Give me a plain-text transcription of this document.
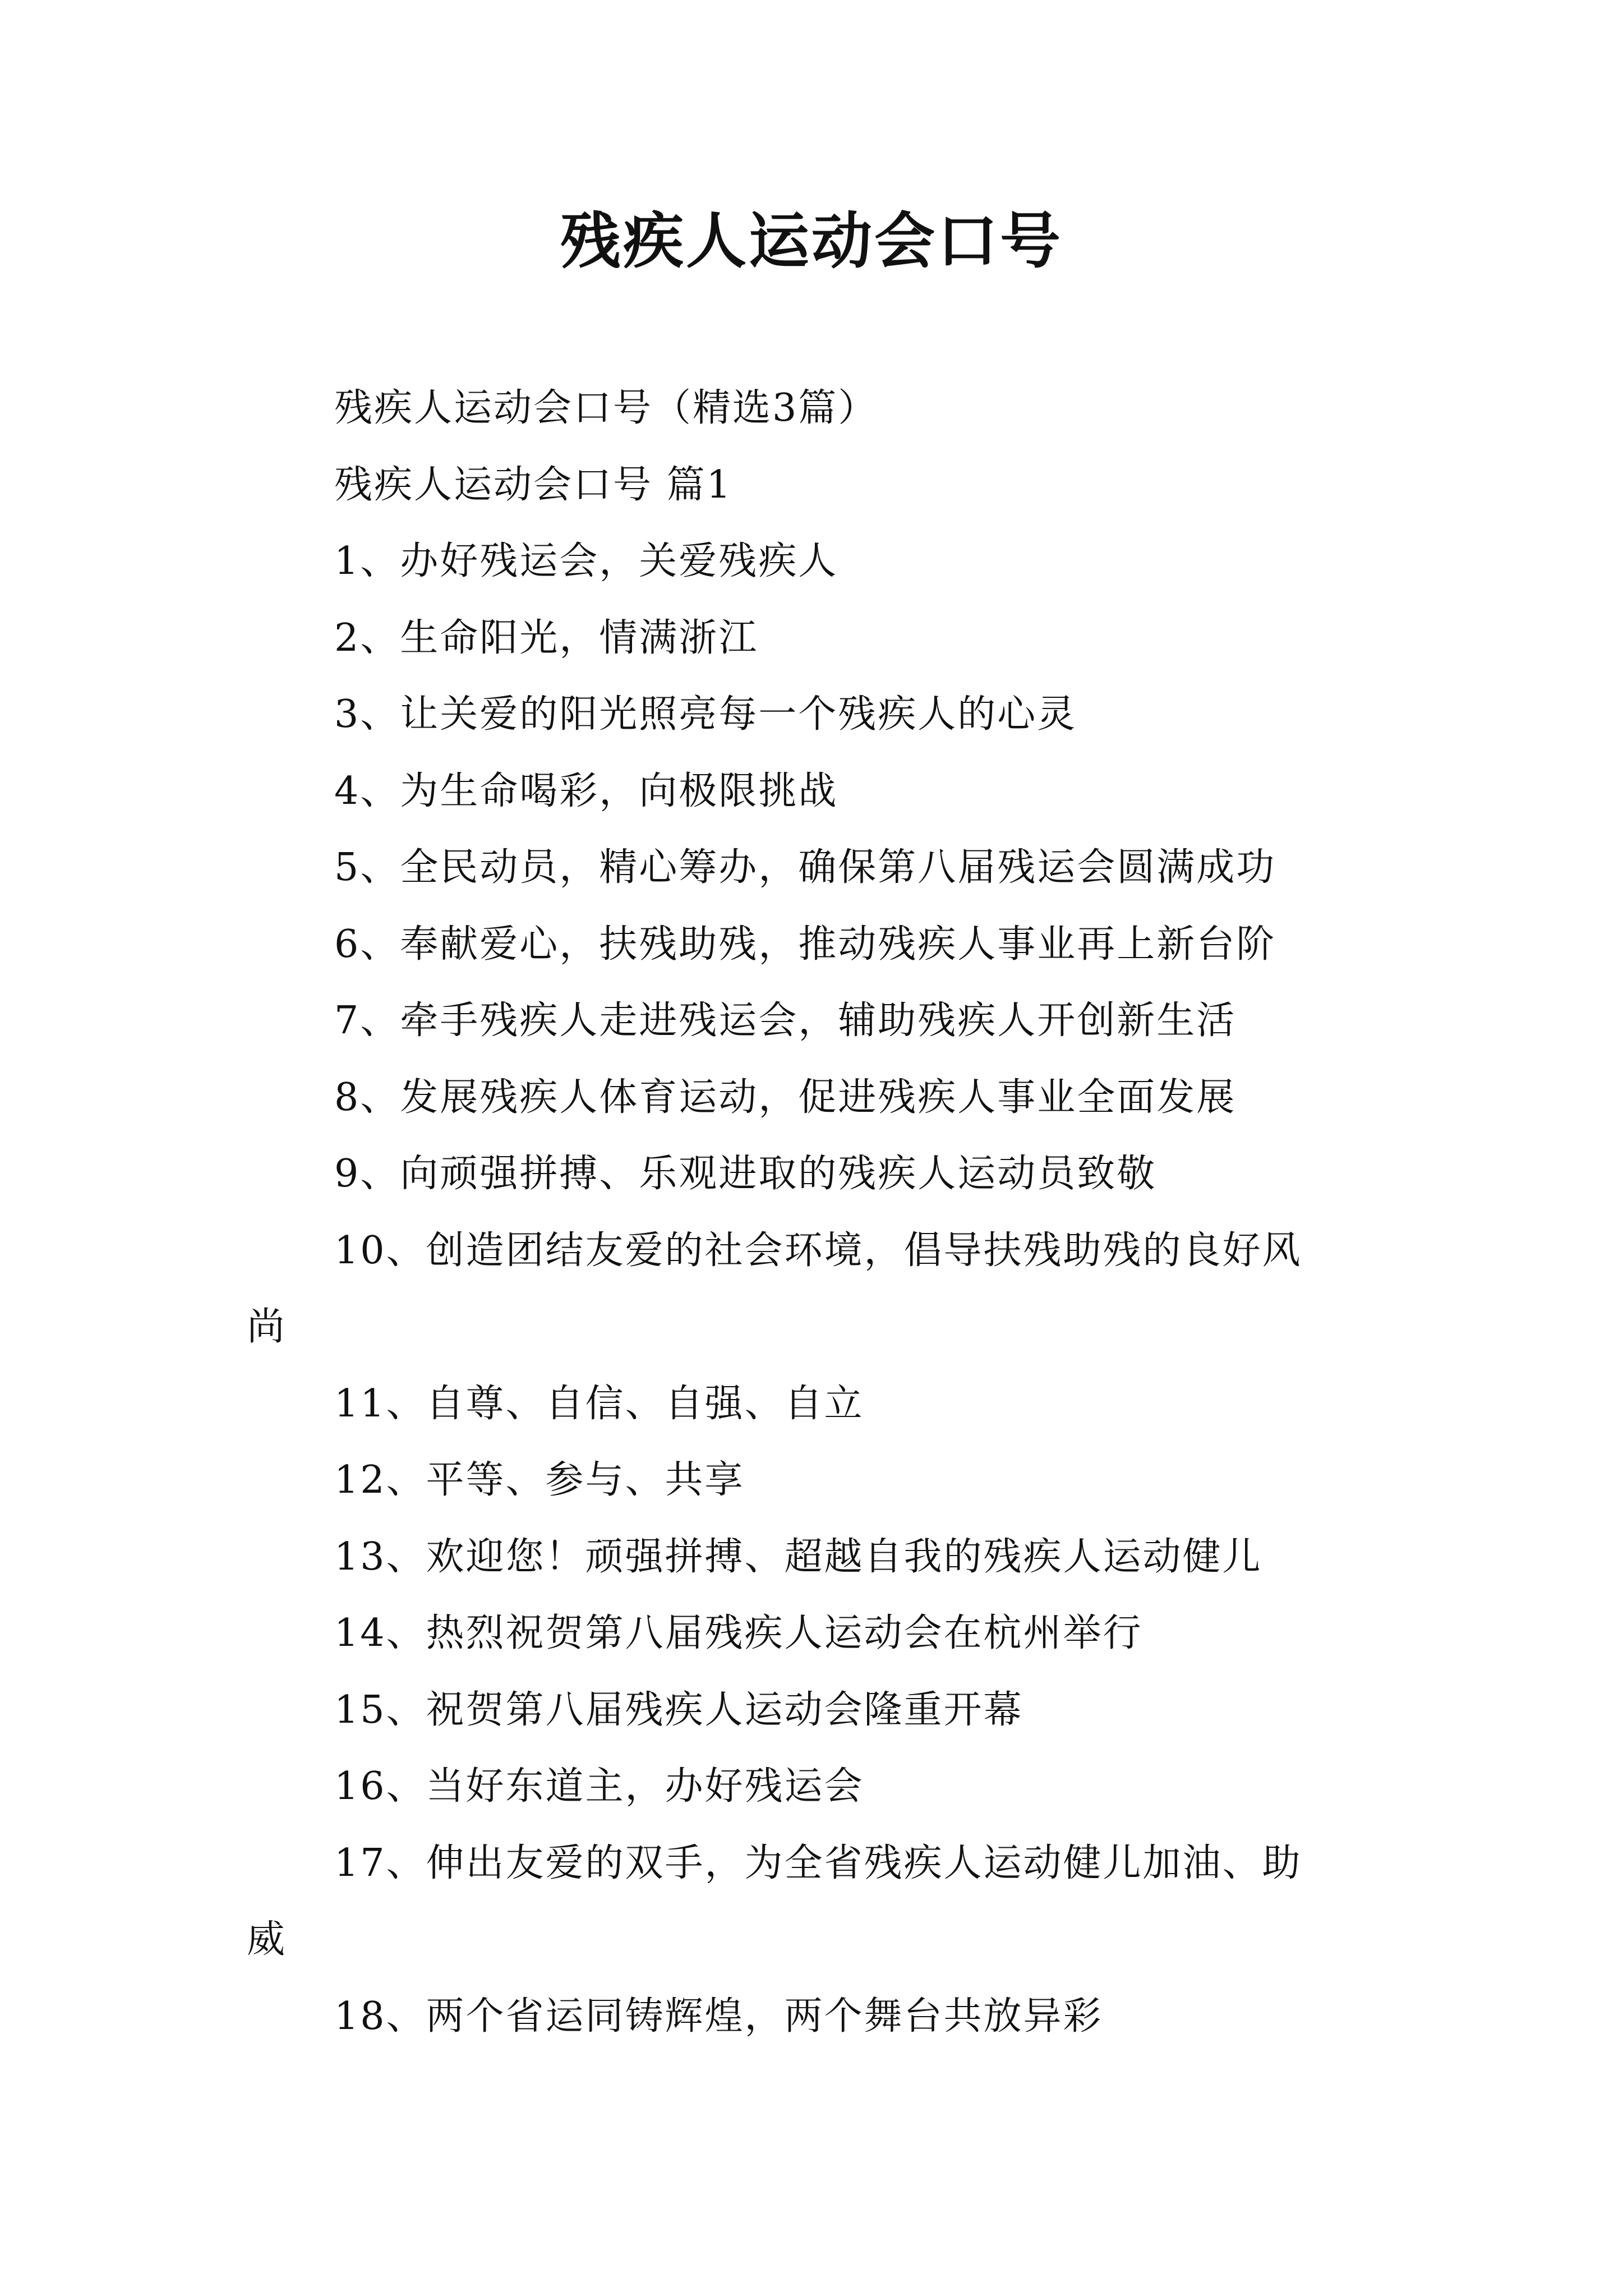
残疾人运动会口号
残疾人运动会口号（精选3篇）
残疾人运动会口号 篇1
1、办好残运会，关爱残疾人
2、生命阳光，情满浙江
3、让关爱的阳光照亮每一个残疾人的心灵
4、为生命喝彩，向极限挑战
5、全民动员，精心筹办，确保第八届残运会圆满成功
6、奉献爱心，扶残助残，推动残疾人事业再上新台阶
7、牵手残疾人走进残运会，辅助残疾人开创新生活
8、发展残疾人体育运动，促进残疾人事业全面发展
9、向顽强拼搏、乐观进取的残疾人运动员致敬
10、创造团结友爱的社会环境，倡导扶残助残的良好风
尚
11、自尊、自信、自强、自立
12、平等、参与、共享
13、欢迎您！顽强拼搏、超越自我的残疾人运动健儿
14、热烈祝贺第八届残疾人运动会在杭州举行
15、祝贺第八届残疾人运动会隆重开幕
16、当好东道主，办好残运会
17、伸出友爱的双手，为全省残疾人运动健儿加油、助
威
18、两个省运同铸辉煌，两个舞台共放异彩
